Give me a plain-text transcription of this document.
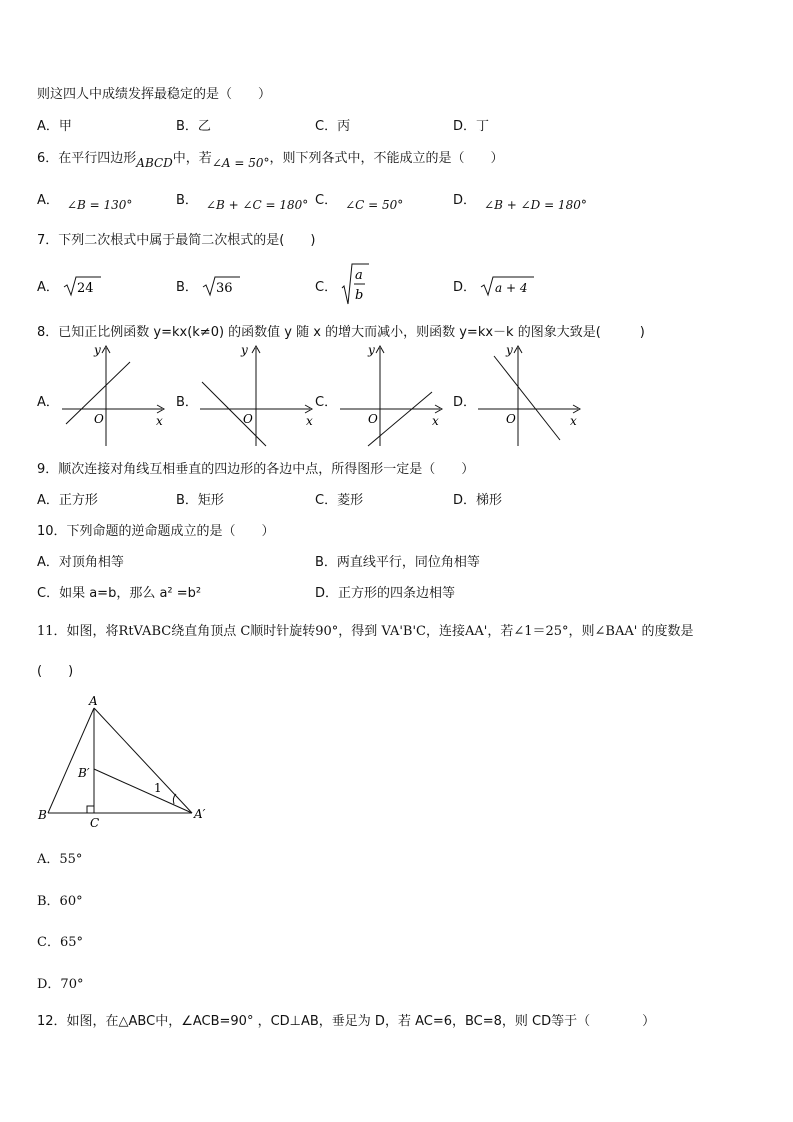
则这四人中成绩发挥最稳定的是（　　）
A．甲	B．乙	C．丙	D．丁
6．在平行四边形ABCD中，若∠A = 50°，则下列各式中，不能成立的是（　　）
A． ∠B = 130°	B． ∠B + ∠C = 180° C． ∠C = 50°	D． ∠B + ∠D = 180°
7．下列二次根式中属于最简二次根式的是(　　)
A． 24	B． 36	C．
a
b
D． a + 4
8．已知正比例函数 y=kx(k≠0) 的函数值 y 随 x 的增大而减小，则函数 y=kx－k 的图象大致是(　　　)
A．	B．	C．	D．
y
x
O
y
x
O
y
x
O
y
x
O
9．顺次连接对角线互相垂直的四边形的各边中点，所得图形一定是（　　）
A．正方形	B．矩形	C．菱形	D．梯形
10．下列命题的逆命题成立的是（　　）
A．对顶角相等	B．两直线平行，同位角相等
C．如果 a=b，那么 a² =b²	D．正方形的四条边相等
11．如图，将RtVABC绕直角顶点 C顺时针旋转90°，得到 VA'B'C，连接AA'，若∠1＝25°，则∠BAA' 的度数是
(　　)
A
B
C
B′
A′
1
A．55°
B．60°
C．65°
D．70°
12．如图，在△ABC中，∠ACB=90° ，CD⊥AB，垂足为 D，若 AC=6，BC=8，则 CD等于（　　　　）
